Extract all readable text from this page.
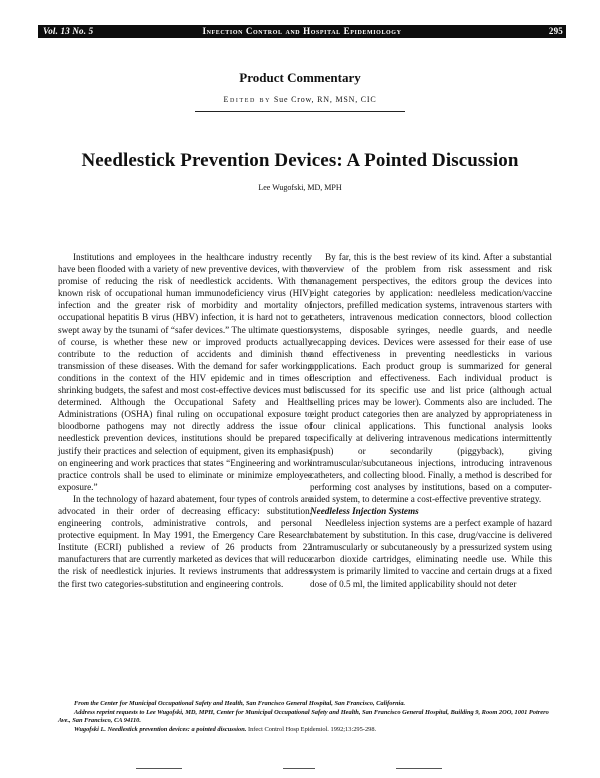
Vol. 13 No. 5	Infection Control and Hospital Epidemiology	295
Product Commentary
Edited by Sue Crow, RN, MSN, CIC
Needlestick Prevention Devices: A Pointed Discussion
Lee Wugofski, MD, MPH

Institutions and employees in the healthcare industry recently have been flooded with a variety of new preventive devices, with the promise of reducing the risk of needlestick accidents. With the known risk of occupational human immunodeficiency virus (HIV) infection and the greater risk of morbidity and mortality of occupational hepatitis B virus (HBV) infection, it is hard not to get swept away by the tsunami of “safer devices.” The ultimate question of course, is whether these new or improved products actually contribute to the reduction of accidents and diminish the transmission of these diseases. With the demand for safer working conditions in the context of the HIV epidemic and in times of shrinking budgets, the safest and most cost-effective devices must be determined. Although the Occupational Safety and Health Administrations (OSHA) final ruling on occupational exposure to bloodborne pathogens may not directly address the issue of needlestick prevention devices, institutions should be prepared to justify their practices and selection of equipment, given its emphasis on engineering and work practices that states “Engineering and work practice controls shall be used to eliminate or minimize employee exposure.”

In the technology of hazard abatement, four types of controls are advocated in their order of decreasing efficacy: substitution, engineering controls, administrative controls, and personal protective equipment. In May 1991, the Emergency Care Research Institute (ECRI) published a review of 26 products from 22 manufacturers that are currently marketed as devices that will reduce the risk of needlestick injuries. It reviews instruments that address the first two categories-substitution and engineering controls.

By far, this is the best review of its kind. After a substantial overview of the problem from risk assessment and risk management perspectives, the editors group the devices into eight categories by application: needleless medication/vaccine injectors, prefilled medication systems, intravenous starters with catheters, intravenous medication connectors, blood collection systems, disposable syringes, needle guards, and needle recapping devices. Devices were assessed for their ease of use and effectiveness in preventing needlesticks in various applications. Each product group is summarized for general description and effectiveness. Each individual product is discussed for its specific use and list price (although actual selling prices may be lower). Comments also are included. The eight product categories then are analyzed by appropriateness in four clinical applications. This functional analysis looks specifically at delivering intravenous medications intermittently (push) or secondarily (piggyback), giving intramuscular/subcutaneous injections, introducing intravenous catheters, and collecting blood. Finally, a method is described for performing cost analyses by institutions, based on a computer-aided system, to determine a cost-effective preventive strategy.

Needleless Injection Systems

Needleless injection systems are a perfect example of hazard abatement by substitution. In this case, drug/vaccine is delivered intramuscularly or subcutaneously by a pressurized system using carbon dioxide cartridges, eliminating needle use. While this system is primarily limited to vaccine and certain drugs at a fixed dose of 0.5 ml, the limited applicability should not deter

From the Center for Municipal Occupational Safety and Health, San Francisco General Hospital, San Francisco, California.

Address reprint requests to Lee Wugofski, MD, MPH, Center for Municipal Occupational Safety and Health, San Francisco General Hospital, Building 9, Room 2OO, 1001 Potrero Ave., San Francisco, CA 94110.

Wugofski L. Needlestick prevention devices: a pointed discussion. Infect Control Hosp Epidemiol. 1992;13:295-298.
